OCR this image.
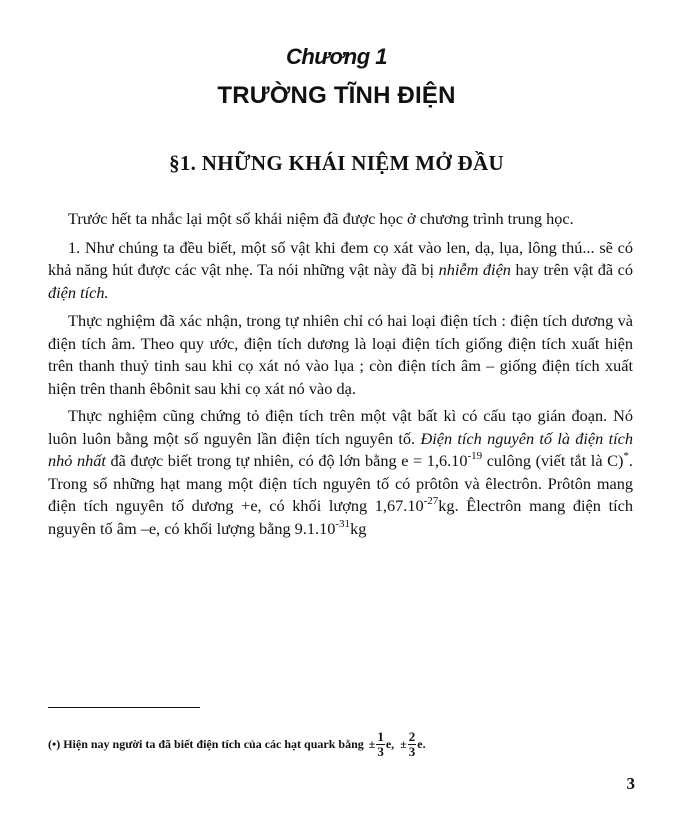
Chương 1
TRƯỜNG TĨNH ĐIỆN
§1. NHỮNG KHÁI NIỆM MỞ ĐẦU

Trước hết ta nhắc lại một số khái niệm đã được học ở chương trình trung học.

1. Như chúng ta đều biết, một số vật khi đem cọ xát vào len, dạ, lụa, lông thú... sẽ có khả năng hút được các vật nhẹ. Ta nói những vật này đã bị nhiễm điện hay trên vật đã có điện tích.

Thực nghiệm đã xác nhận, trong tự nhiên chỉ có hai loại điện tích : điện tích dương và điện tích âm. Theo quy ước, điện tích dương là loại điện tích giống điện tích xuất hiện trên thanh thuỷ tinh sau khi cọ xát nó vào lụa ; còn điện tích âm – giống điện tích xuất hiện trên thanh êbônit sau khi cọ xát nó vào dạ.

Thực nghiệm cũng chứng tỏ điện tích trên một vật bất kì có cấu tạo gián đoạn. Nó luôn luôn bằng một số nguyên lần điện tích nguyên tố. Điện tích nguyên tố là điện tích nhỏ nhất đã được biết trong tự nhiên, có độ lớn bằng $e = 1,6.10^{-19}$ culông (viết tắt là C)*. Trong số những hạt mang một điện tích nguyên tố có prôtôn và êlectrôn. Prôtôn mang điện tích nguyên tố dương +e, có khối lượng $1,67.10^{-27}kg$. Êlectrôn mang điện tích nguyên tố âm –e, có khối lượng bằng $9.1.10^{-31}kg$

(•) Hiện nay người ta đã biết điện tích của các hạt quark bằng ± $\frac{1}{3} e$, ± $\frac{2}{3} e$.
3
